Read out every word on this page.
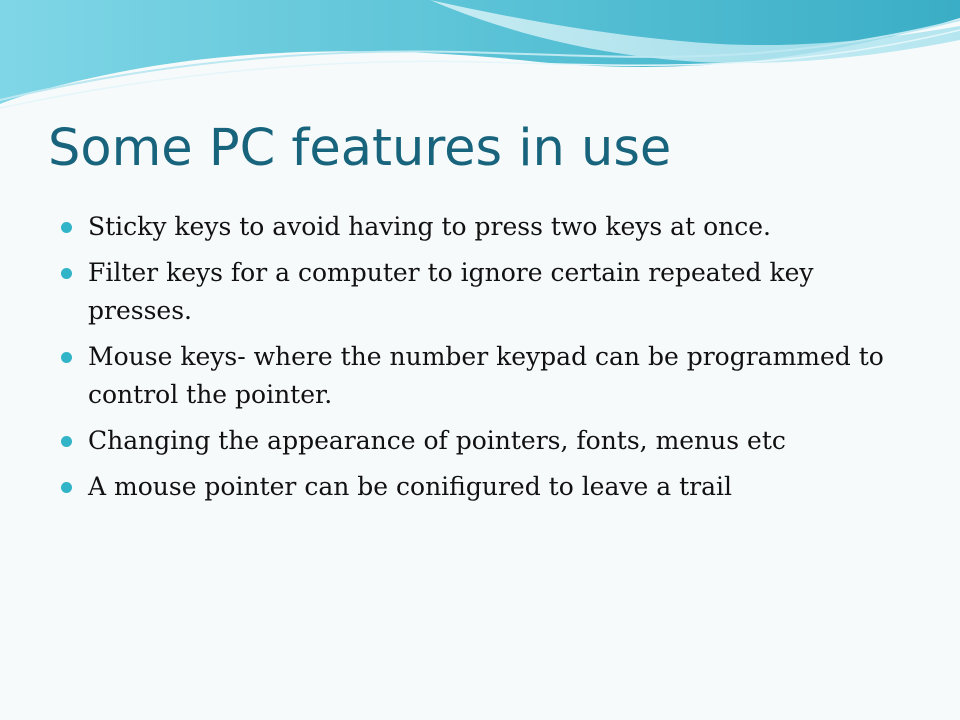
Some PC features in use
Sticky keys to avoid having to press two keys at once.
Filter keys for a computer to ignore certain repeated key presses.
Mouse keys- where the number keypad can be programmed to control the pointer.
Changing the appearance of pointers, fonts, menus etc
A mouse pointer can be conifigured to leave a trail
